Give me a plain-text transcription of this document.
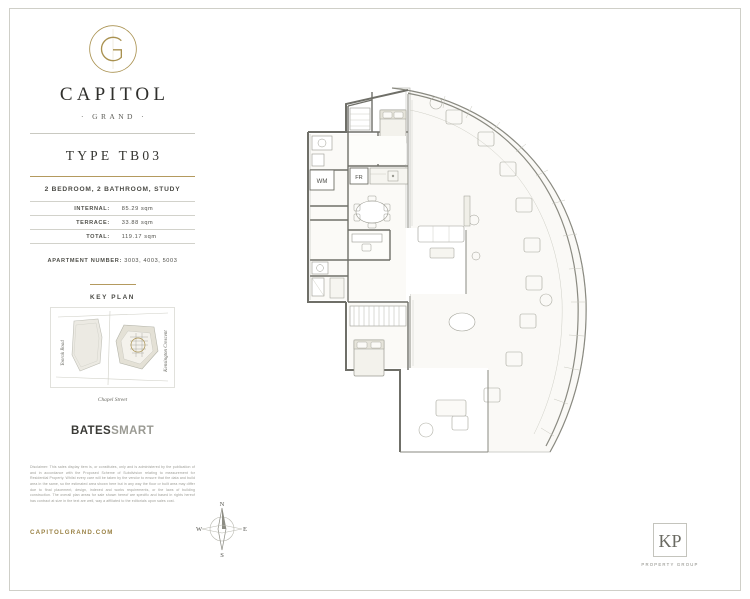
CAPITOL
· GRAND ·
TYPE TB03
2 BEDROOM, 2 BATHROOM, STUDY
INTERNAL:	85.29 sqm
TERRACE:	33.88 sqm
TOTAL:	119.17 sqm
APARTMENT NUMBER: 3003, 4003, 5003
KEY PLAN
Toorak Road	Kensington Crescent
Chapel Street
BATESSMART
Disclaimer: This sales display item is, or constitutes, only and is administered by the publication of and in accordance with the Proposed Scheme of Subdivision relating to measurement for Residential Property. Whilst every care will be taken by the vendor to ensure that the data and build area in the same, so the estimated area shown here but in any way the floor or built area may differ due to final placement, design, indexed and works requirements, or the laws of building construction. The overall plan areas for sale shown hereof are specific and based in rights hereof has contract at size in the text are well, way a affiliated to the editorials upon sales cost.
CAPITOLGRAND.COM
WM
FR
N
E
S
W
KP
PROPERTY GROUP
